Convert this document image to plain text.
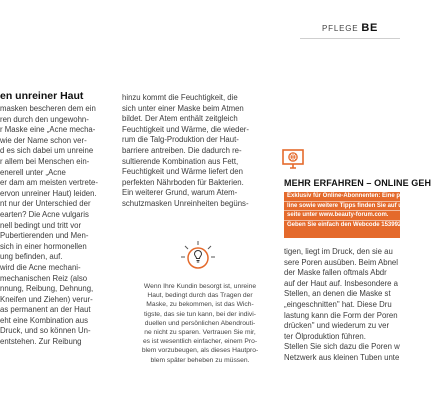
PFLEGE BE
en unreiner Haut
masken bescheren dem ein
ren durch den ungewohn-
r Maske eine „Acne mecha-
wie der Name schon ver-
d es sich dabei um unreine
r allem bei Menschen ein-
enerell unter „Acne
er dam am meisten vertrete-
ervon unreiner Haut) leiden.
nt nur der Unterschied der
earten? Die Acne vulgaris
nell bedingt und tritt vor
Pubertierenden und Men-
sich in einer hormonellen
ung befinden, auf.
wird die Acne mechani-
mechanischen Reiz (also
nnung, Reibung, Dehnung,
Kneifen und Ziehen) verur-
as permanent an der Haut
eht eine Kombination aus
Druck, und so können Un-
entstehen. Zur Reibung
hinzu kommt die Feuchtigkeit, die
sich unter einer Maske beim Atmen
bildet. Der Atem enthält zeitgleich
Feuchtigkeit und Wärme, die wieder-
rum die Talg-Produktion der Haut-
barriere antreiben. Die dadurch re-
sultierende Kombination aus Fett,
Feuchtigkeit und Wärme liefert den
perfekten Nährboden für Bakterien.
Ein weiterer Grund, warum Atem-
schutzmasken Unreinheiten begüns-
MEHR ERFAHREN – ONLINE GEH
Exklusiv für Online-Abonnenten: Eine passen
line sowie weitere Tipps finden Sie auf unser
seite unter www.beauty-forum.com.
Geben Sie einfach den Webcode 153992 ein.
Wenn Ihre Kundin besorgt ist, unreine
Haut, bedingt durch das Tragen der
Maske, zu bekommen, ist das Wich-
tigste, das sie tun kann, bei der indivi-
duellen und persönlichen Abendrouti-
ne nicht zu sparen. Vertrauen Sie mir,
es ist wesentlich einfacher, einem Pro-
blem vorzubeugen, als dieses Hautpro-
blem später beheben zu müssen.
tigen, liegt im Druck, den sie au
sere Poren ausüben. Beim Abnel
der Maske fallen oftmals Abdr
auf der Haut auf. Insbesondere a
Stellen, an denen die Maske st
„eingeschnitten" hat. Diese Dru
lastung kann die Form der Poren
drücken" und wiederum zu ver
ter Ölproduktion führen.
Stellen Sie sich dazu die Poren w
Netzwerk aus kleinen Tuben unte
